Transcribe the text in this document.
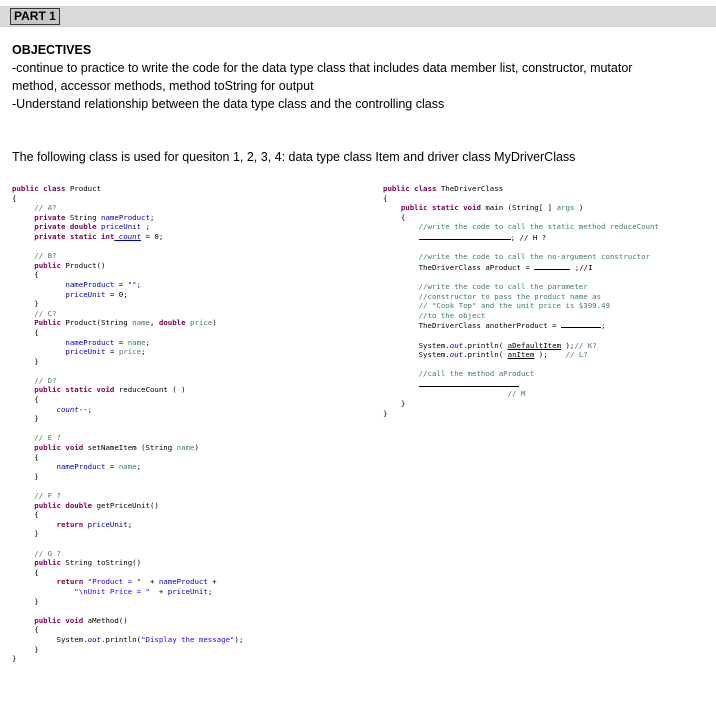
PART 1
OBJECTIVES
-continue to practice to write the code for the data type class that includes data member list, constructor, mutator
method, accessor methods, method toString for output
-Understand relationship between the data type class and the controlling class
The following class is used for quesiton 1, 2, 3, 4: data type class Item and driver class MyDriverClass
public class Product
{
// A?
private String nameProduct;
private double priceUnit ;
private static int count = 0;

// B?
public Product()
{
nameProduct = "";
priceUnit = 0;
}
// C?
Public Product(String name, double price)
{
nameProduct = name;
priceUnit = price;
}

// D?
public static void reduceCount ( )
{
count--;
}

// E ?
public void setNameItem (String name)
{
nameProduct = name;
}

// F ?
public double getPriceUnit()
{
return priceUnit;
}

// G ?
public String toString()
{
return "Product = "  + nameProduct +
"\nUnit Price = "  + priceUnit;
}

public void aMethod()
{
System.out.println("Display the message");
}
}
public class TheDriverClass
{
public static void main (String[ ] args )
{
//write the code to call the static method reduceCount
; // H ?

//write the code to call the no-argument constructor
TheDriverClass aProduct =	;//I

//write the code to call the parameter
//constructor to pass the product name as
// "Cook Top" and the unit price is $399.49
//to the object
TheDriverClass anotherProduct =	;

System.out.println( aDefaultItem );// K?
System.out.println( anItem ); // L?

//call the method aProduct

// M
}
}
